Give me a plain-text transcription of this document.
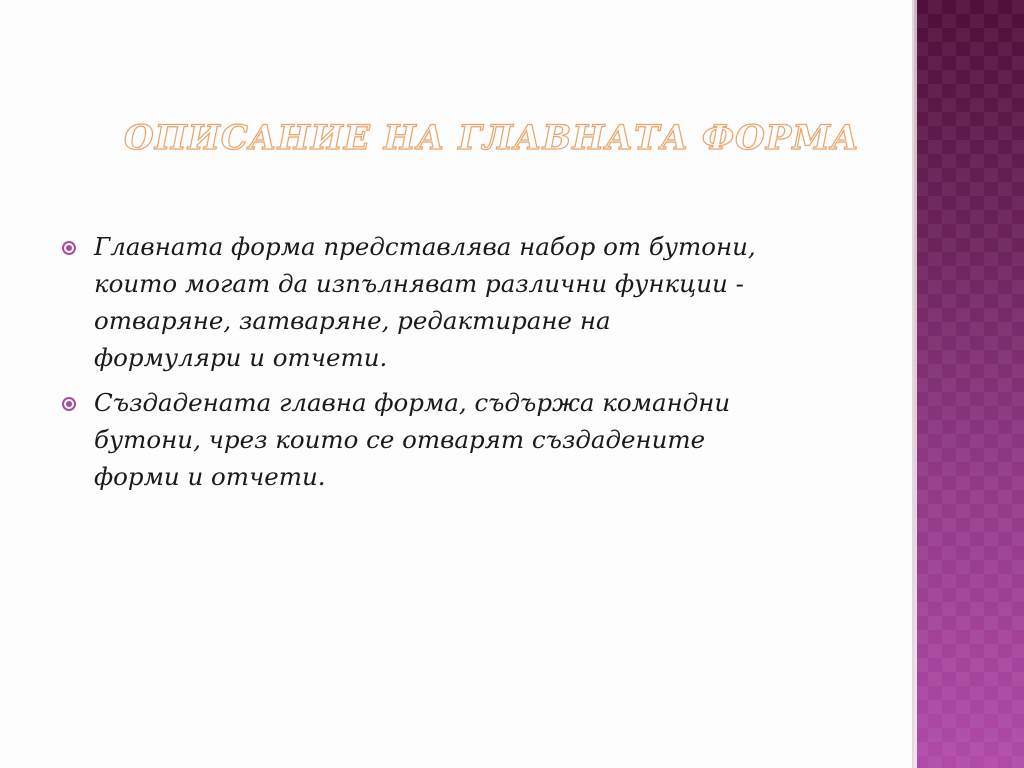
ОПИСАНИЕ НА ГЛАВНАТА ФОРМА
Главната форма представлява набор от бутони,
които могат да изпълняват различни функции -
отваряне, затваряне, редактиране на
формуляри и отчети.
Създадената главна форма, съдържа командни
бутони, чрез които се отварят създадените
форми и отчети.
